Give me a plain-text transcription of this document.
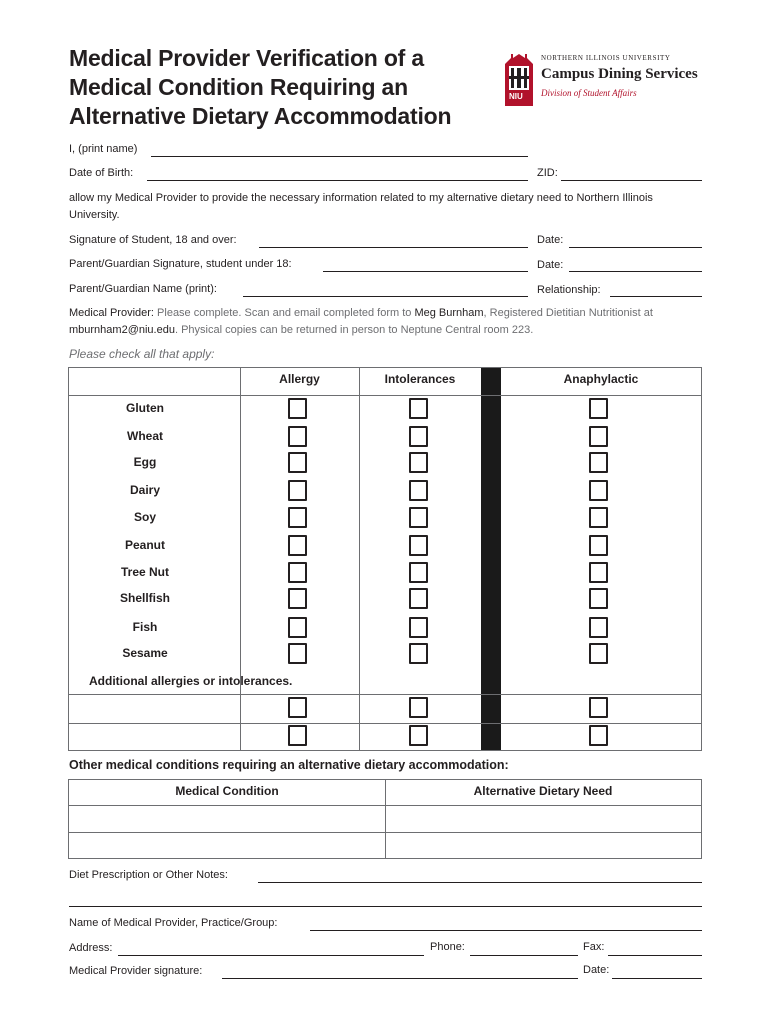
Medical Provider Verification of a Medical Condition Requiring an Alternative Dietary Accommodation
NIU
NORTHERN ILLINOIS UNIVERSITY
Campus Dining Services
Division of Student Affairs
I, (print name)
Date of Birth:	ZID:
allow my Medical Provider to provide the necessary information related to my alternative dietary need to Northern Illinois University.
Signature of Student, 18 and over:	Date:
Parent/Guardian Signature, student under 18:	Date:
Parent/Guardian Name (print):	Relationship:
Medical Provider: Please complete. Scan and email completed form to Meg Burnham, Registered Dietitian Nutritionist at mburnham2@niu.edu. Physical copies can be returned in person to Neptune Central room 223.
Please check all that apply:
Allergy	Intolerances	Anaphylactic
Gluten
Wheat
Egg
Dairy
Soy
Peanut
Tree Nut
Shellfish
Fish
Sesame
Additional allergies or intolerances.
Other medical conditions requiring an alternative dietary accommodation:
Medical Condition	Alternative Dietary Need
Diet Prescription or Other Notes:
Name of Medical Provider, Practice/Group:
Address:	Phone:	Fax:
Medical Provider signature:	Date:
